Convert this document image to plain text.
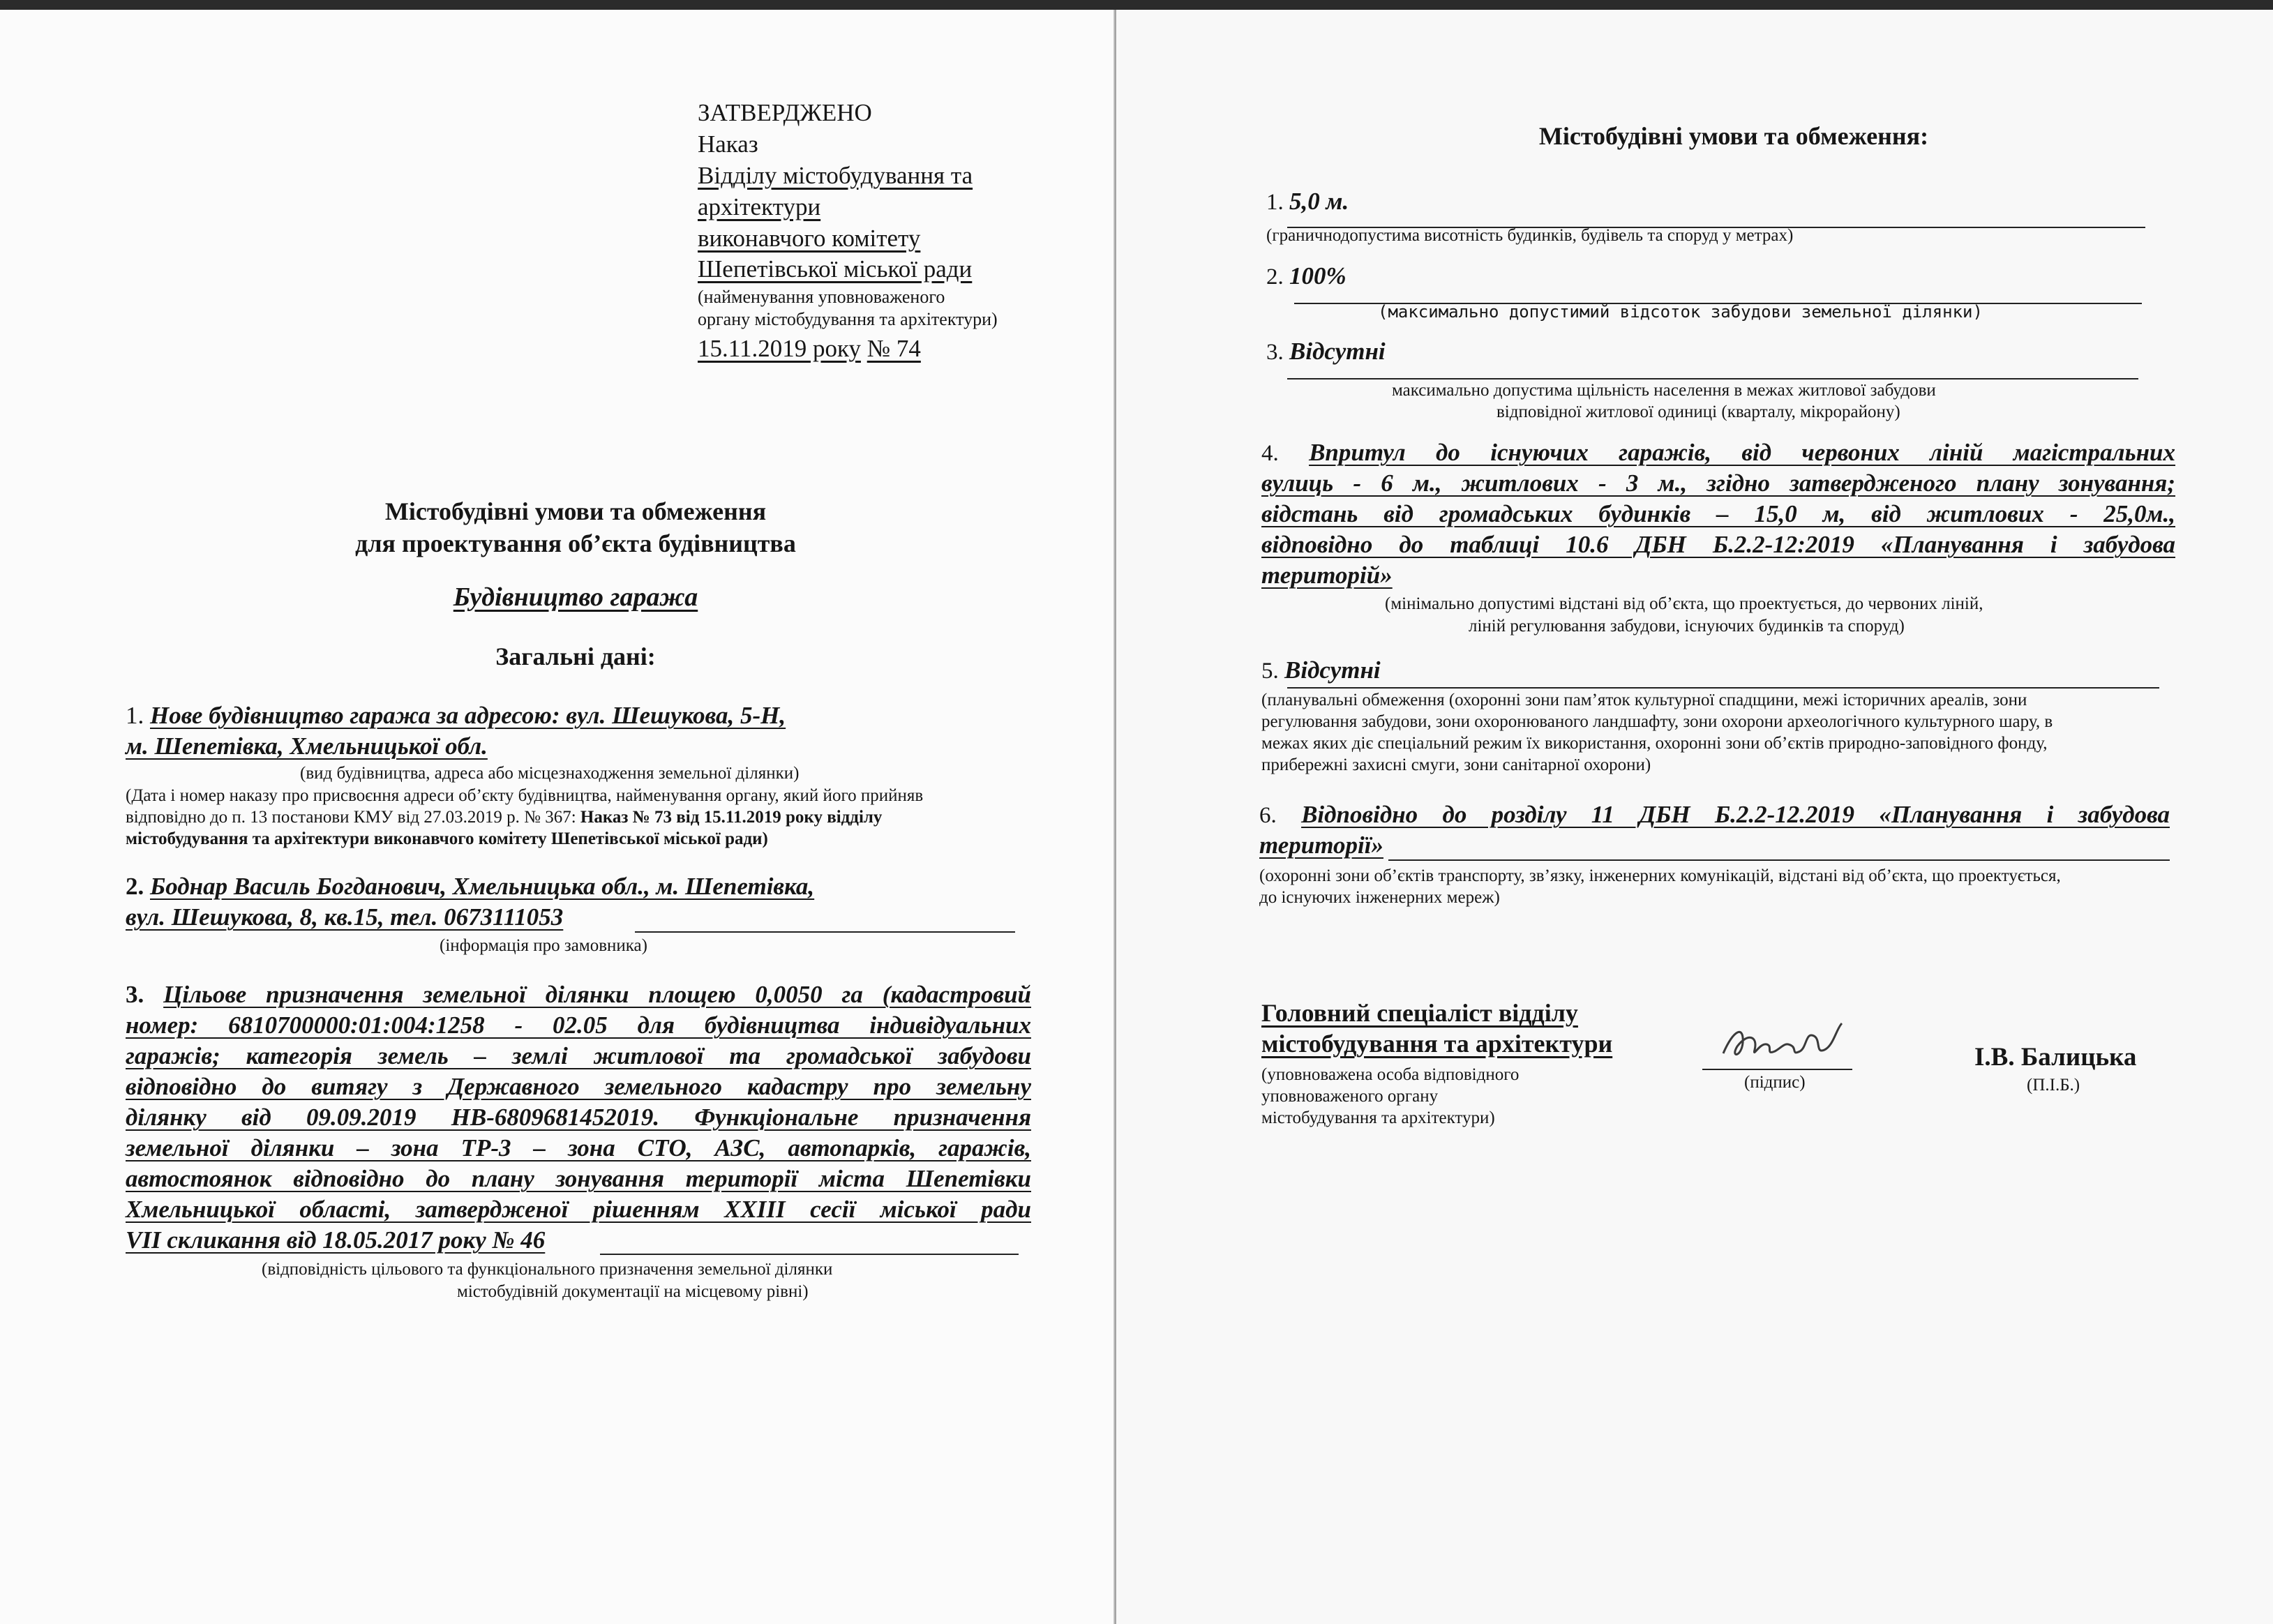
ЗАТВЕРДЖЕНО
Наказ
Відділу містобудування та
архітектури
виконавчого комітету
Шепетівської міської ради
(найменування уповноваженого
органу містобудування та архітектури)
15.11.2019 року № 74
Містобудівні умови та обмеження
для проектування об’єкта будівництва
Будівництво гаража
Загальні дані:
1. Нове будівництво гаража за адресою: вул. Шешукова, 5-Н,
м. Шепетівка, Хмельницької обл.
(вид будівництва, адреса або місцезнаходження земельної ділянки)
(Дата і номер наказу про присвоєння адреси об’єкту будівництва, найменування органу, який його прийняв
відповідно до п. 13 постанови КМУ від 27.03.2019 р. № 367: Наказ № 73 від 15.11.2019 року відділу
містобудування та архітектури виконавчого комітету Шепетівської міської ради)
2. Боднар Василь Богданович, Хмельницька обл., м. Шепетівка,
вул. Шешукова, 8, кв.15, тел. 0673111053
(інформація про замовника)
3. Цільове призначення земельної ділянки площею 0,0050 га (кадастровий
номер: 6810700000:01:004:1258 - 02.05 для будівництва індивідуальних
гаражів; категорія земель – землі житлової та громадської забудови
відповідно до витягу з Державного земельного кадастру про земельну
ділянку від 09.09.2019 НВ-6809681452019. Функціональне призначення
земельної ділянки – зона ТР-3 – зона СТО, АЗС, автопарків, гаражів,
автостоянок відповідно до плану зонування території міста Шепетівки
Хмельницької області, затвердженої рішенням ХХІІІ сесії міської ради
VII скликання від 18.05.2017 року № 46
(відповідність цільового та функціонального призначення земельної ділянки
містобудівній документації на місцевому рівні)
Містобудівні умови та обмеження:
1. 5,0 м.
(граничнодопустима висотність будинків, будівель та споруд у метрах)
2. 100%
(максимально допустимий відсоток забудови земельної ділянки)
3. Відсутні
максимально допустима щільність населення в межах житлової забудови
відповідної житлової одиниці (кварталу, мікрорайону)
4. Впритул до існуючих гаражів, від червоних ліній магістральних
вулиць - 6 м., житлових - 3 м., згідно затвердженого плану зонування;
відстань від громадських будинків – 15,0 м, від житлових - 25,0м.,
відповідно до таблиці 10.6 ДБН Б.2.2-12:2019 «Планування і забудова
територій»
(мінімально допустимі відстані від об’єкта, що проектується, до червоних ліній,
ліній регулювання забудови, існуючих будинків та споруд)
5. Відсутні
(планувальні обмеження (охоронні зони пам’яток культурної спадщини, межі історичних ареалів, зони
регулювання забудови, зони охоронюваного ландшафту, зони охорони археологічного культурного шару, в
межах яких діє спеціальний режим їх використання, охоронні зони об’єктів природно-заповідного фонду,
прибережні захисні смуги, зони санітарної охорони)
6. Відповідно до розділу 11 ДБН Б.2.2-12.2019 «Планування і забудова
території»
(охоронні зони об’єктів транспорту, зв’язку, інженерних комунікацій, відстані від об’єкта, що проектується,
до існуючих інженерних мереж)
Головний спеціаліст відділу
містобудування та архітектури
(уповноважена особа відповідного
уповноваженого органу
містобудування та архітектури)
(підпис)
І.В. Балицька
(П.І.Б.)
